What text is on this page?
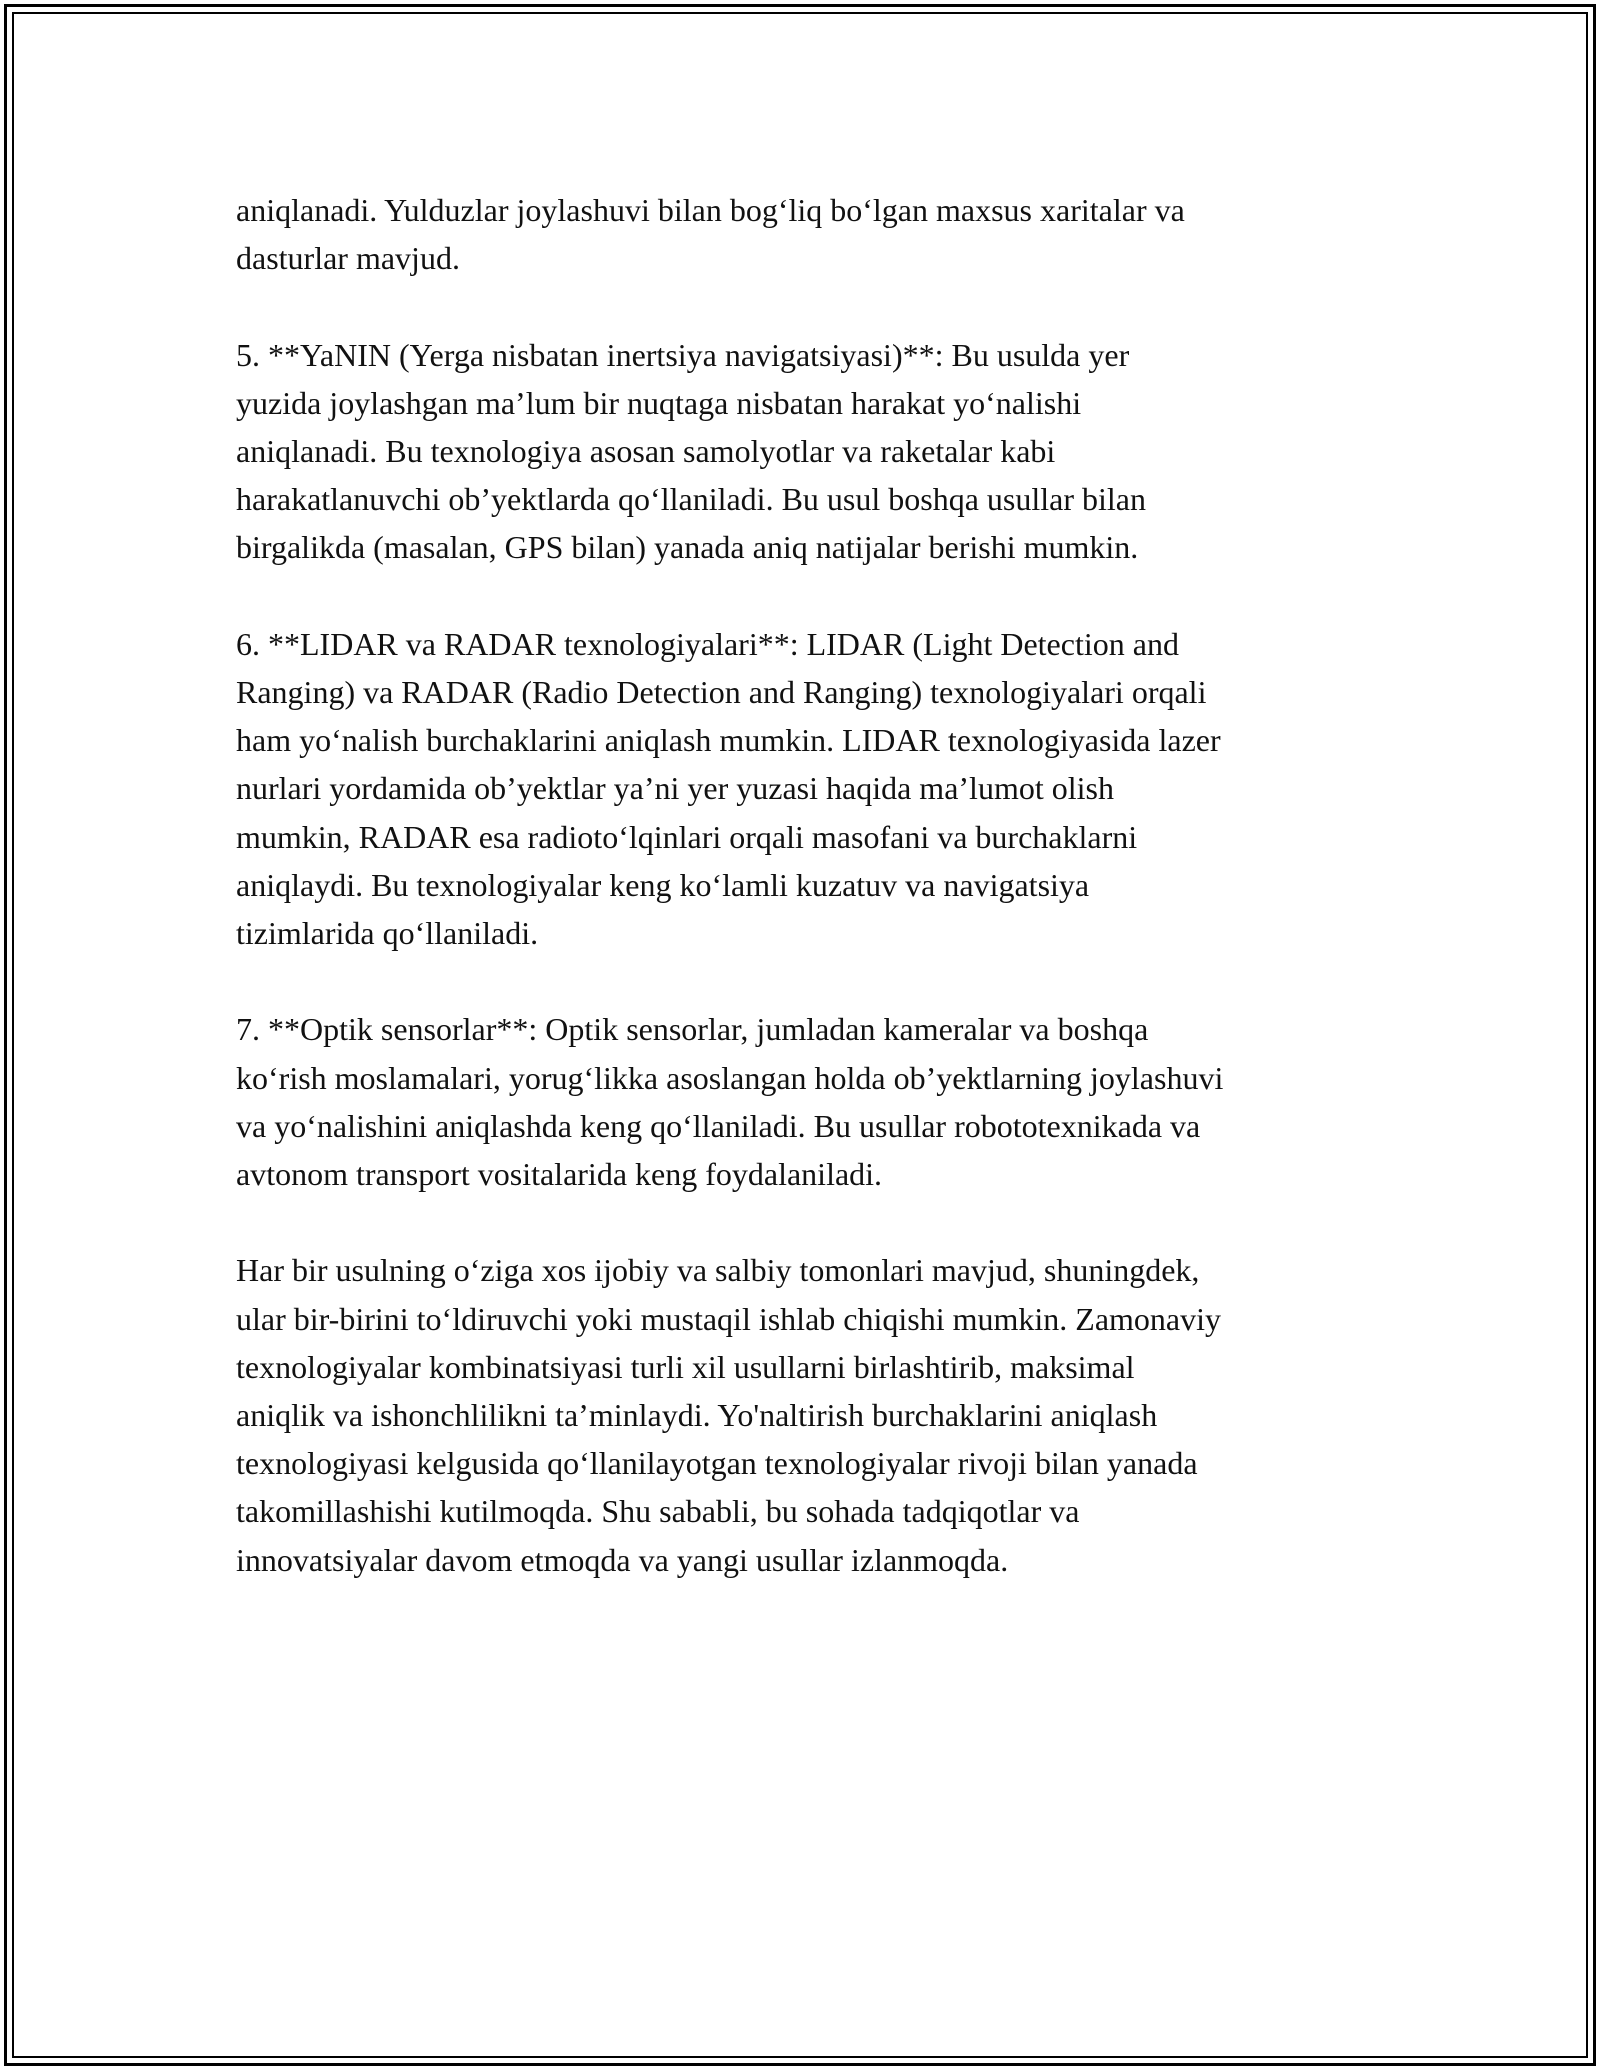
aniqlanadi. Yulduzlar joylashuvi bilan bog‘liq bo‘lgan maxsus xaritalar va
dasturlar mavjud.

5. **YaNIN (Yerga nisbatan inertsiya navigatsiyasi)**: Bu usulda yer
yuzida joylashgan ma’lum bir nuqtaga nisbatan harakat yo‘nalishi
aniqlanadi. Bu texnologiya asosan samolyotlar va raketalar kabi
harakatlanuvchi ob’yektlarda qo‘llaniladi. Bu usul boshqa usullar bilan
birgalikda (masalan, GPS bilan) yanada aniq natijalar berishi mumkin.

6. **LIDAR va RADAR texnologiyalari**: LIDAR (Light Detection and
Ranging) va RADAR (Radio Detection and Ranging) texnologiyalari orqali
ham yo‘nalish burchaklarini aniqlash mumkin. LIDAR texnologiyasida lazer
nurlari yordamida ob’yektlar ya’ni yer yuzasi haqida ma’lumot olish
mumkin, RADAR esa radioto‘lqinlari orqali masofani va burchaklarni
aniqlaydi. Bu texnologiyalar keng ko‘lamli kuzatuv va navigatsiya
tizimlarida qo‘llaniladi.

7. **Optik sensorlar**: Optik sensorlar, jumladan kameralar va boshqa
ko‘rish moslamalari, yorug‘likka asoslangan holda ob’yektlarning joylashuvi
va yo‘nalishini aniqlashda keng qo‘llaniladi. Bu usullar robototexnikada va
avtonom transport vositalarida keng foydalaniladi.

Har bir usulning o‘ziga xos ijobiy va salbiy tomonlari mavjud, shuningdek,
ular bir-birini to‘ldiruvchi yoki mustaqil ishlab chiqishi mumkin. Zamonaviy
texnologiyalar kombinatsiyasi turli xil usullarni birlashtirib, maksimal
aniqlik va ishonchlilikni ta’minlaydi. Yo'naltirish burchaklarini aniqlash
texnologiyasi kelgusida qo‘llanilayotgan texnologiyalar rivoji bilan yanada
takomillashishi kutilmoqda. Shu sababli, bu sohada tadqiqotlar va
innovatsiyalar davom etmoqda va yangi usullar izlanmoqda.
